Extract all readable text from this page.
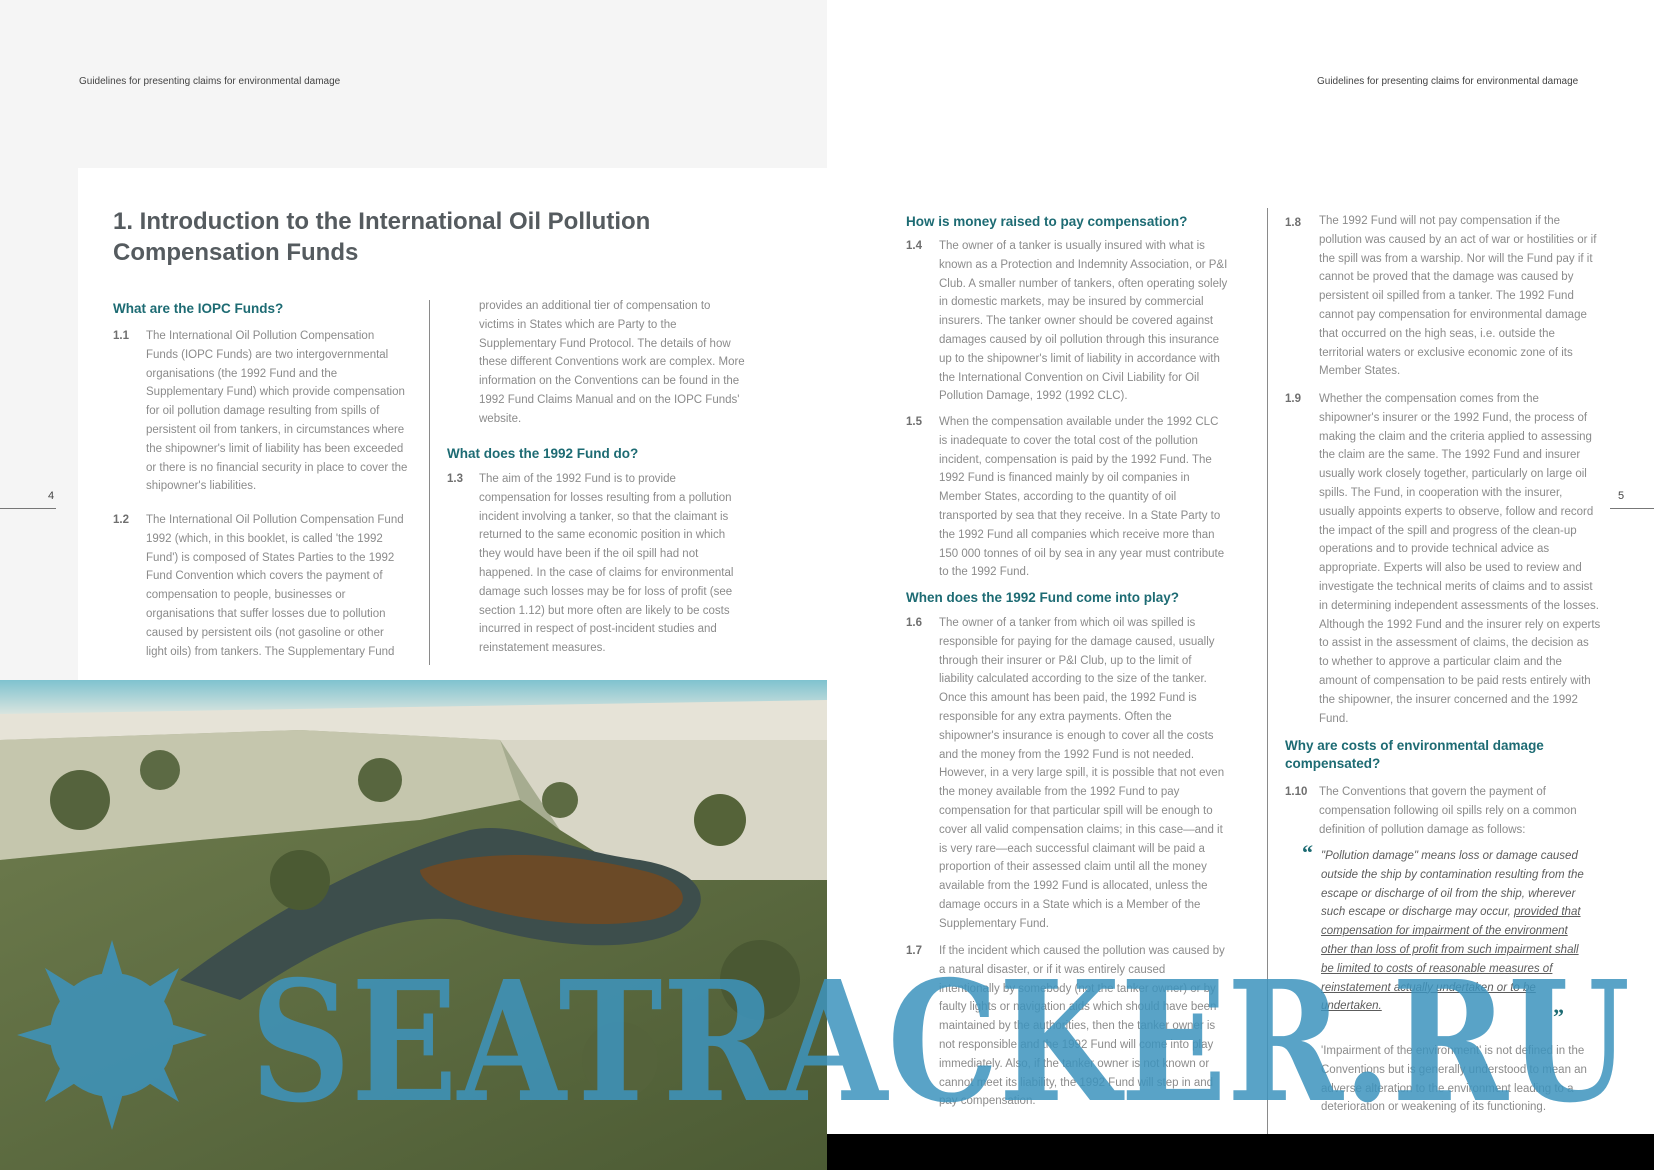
Guidelines for presenting claims for environmental damage
4
1. Introduction to the International Oil Pollution
Compensation Funds
What are the IOPC Funds?
1.1 The International Oil Pollution Compensation Funds (IOPC Funds) are two intergovernmental organisations (the 1992 Fund and the Supplementary Fund) which provide compensation for oil pollution damage resulting from spills of persistent oil from tankers, in circumstances where the shipowner's limit of liability has been exceeded or there is no financial security in place to cover the shipowner's liabilities.
1.2 The International Oil Pollution Compensation Fund 1992 (which, in this booklet, is called 'the 1992 Fund') is composed of States Parties to the 1992 Fund Convention which covers the payment of compensation to people, businesses or organisations that suffer losses due to pollution caused by persistent oils (not gasoline or other light oils) from tankers. The Supplementary Fund
provides an additional tier of compensation to victims in States which are Party to the Supplementary Fund Protocol. The details of how these different Conventions work are complex. More information on the Conventions can be found in the 1992 Fund Claims Manual and on the IOPC Funds' website.
What does the 1992 Fund do?
1.3 The aim of the 1992 Fund is to provide compensation for losses resulting from a pollution incident involving a tanker, so that the claimant is returned to the same economic position in which they would have been if the oil spill had not happened. In the case of claims for environmental damage such losses may be for loss of profit (see section 1.12) but more often are likely to be costs incurred in respect of post-incident studies and reinstatement measures.
Guidelines for presenting claims for environmental damage
5
How is money raised to pay compensation?
1.4 The owner of a tanker is usually insured with what is known as a Protection and Indemnity Association, or P&I Club. A smaller number of tankers, often operating solely in domestic markets, may be insured by commercial insurers. The tanker owner should be covered against damages caused by oil pollution through this insurance up to the shipowner's limit of liability in accordance with the International Convention on Civil Liability for Oil Pollution Damage, 1992 (1992 CLC).
1.5 When the compensation available under the 1992 CLC is inadequate to cover the total cost of the pollution incident, compensation is paid by the 1992 Fund. The 1992 Fund is financed mainly by oil companies in Member States, according to the quantity of oil transported by sea that they receive. In a State Party to the 1992 Fund all companies which receive more than 150 000 tonnes of oil by sea in any year must contribute to the 1992 Fund.
When does the 1992 Fund come into play?
1.6 The owner of a tanker from which oil was spilled is responsible for paying for the damage caused, usually through their insurer or P&I Club, up to the limit of liability calculated according to the size of the tanker. Once this amount has been paid, the 1992 Fund is responsible for any extra payments. Often the shipowner's insurance is enough to cover all the costs and the money from the 1992 Fund is not needed. However, in a very large spill, it is possible that not even the money available from the 1992 Fund to pay compensation for that particular spill will be enough to cover all valid compensation claims; in this case—and it is very rare—each successful claimant will be paid a proportion of their assessed claim until all the money available from the 1992 Fund is allocated, unless the damage occurs in a State which is a Member of the Supplementary Fund.
1.7 If the incident which caused the pollution was caused by a natural disaster, or if it was entirely caused intentionally by somebody (not the tanker owner) or by faulty lights or navigation aids which should have been maintained by the authorities, then the tanker owner is not responsible and the 1992 Fund will come into play immediately. Also, if the tanker owner is not known or cannot meet its liability, the 1992 Fund will step in and pay compensation.
1.8 The 1992 Fund will not pay compensation if the pollution was caused by an act of war or hostilities or if the spill was from a warship. Nor will the Fund pay if it cannot be proved that the damage was caused by persistent oil spilled from a tanker. The 1992 Fund cannot pay compensation for environmental damage that occurred on the high seas, i.e. outside the territorial waters or exclusive economic zone of its Member States.
1.9 Whether the compensation comes from the shipowner's insurer or the 1992 Fund, the process of making the claim and the criteria applied to assessing the claim are the same. The 1992 Fund and insurer usually work closely together, particularly on large oil spills. The Fund, in cooperation with the insurer, usually appoints experts to observe, follow and record the impact of the spill and progress of the clean-up operations and to provide technical advice as appropriate. Experts will also be used to review and investigate the technical merits of claims and to assist in determining independent assessments of the losses. Although the 1992 Fund and the insurer rely on experts to assist in the assessment of claims, the decision as to whether to approve a particular claim and the amount of compensation to be paid rests entirely with the shipowner, the insurer concerned and the 1992 Fund.
Why are costs of environmental damage
compensated?
1.10 The Conventions that govern the payment of compensation following oil spills rely on a common definition of pollution damage as follows:
“ "Pollution damage" means loss or damage caused outside the ship by contamination resulting from the escape or discharge of oil from the ship, wherever such escape or discharge may occur, provided that compensation for impairment of the environment other than loss of profit from such impairment shall be limited to costs of reasonable measures of reinstatement actually undertaken or to be undertaken.	”
'Impairment of the environment' is not defined in the Conventions but is generally understood to mean an adverse alteration to the environment leading to a deterioration or weakening of its functioning.
SEATRACKER.RU
